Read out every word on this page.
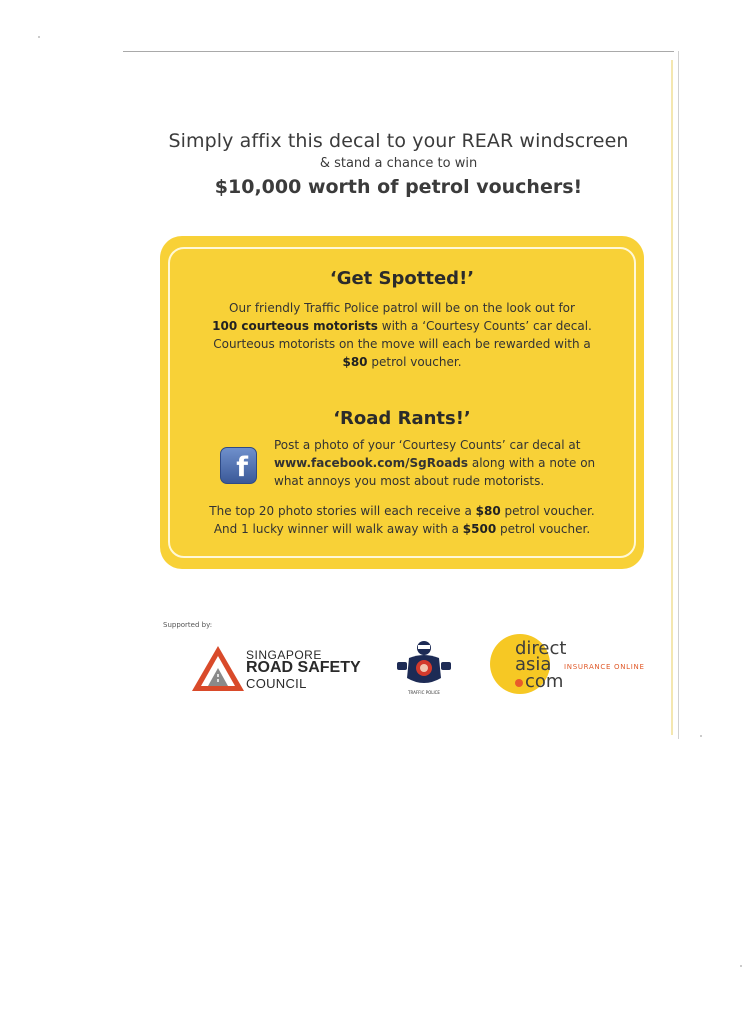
Simply affix this decal to your REAR windscreen
& stand a chance to win
$10,000 worth of petrol vouchers!
‘Get Spotted!’
Our friendly Traffic Police patrol will be on the look out for
100 courteous motorists with a ‘Courtesy Counts’ car decal.
Courteous motorists on the move will each be rewarded with a
$80 petrol voucher.
‘Road Rants!’
f
Post a photo of your ‘Courtesy Counts’ car decal at
www.facebook.com/SgRoads along with a note on
what annoys you most about rude motorists.
The top 20 photo stories will each receive a $80 petrol voucher.
And 1 lucky winner will walk away with a $500 petrol voucher.
Supported by:
SINGAPORE
ROAD SAFETY
COUNCIL
TRAFFIC POLICE
direct
asia
com
INSURANCE ONLINE
